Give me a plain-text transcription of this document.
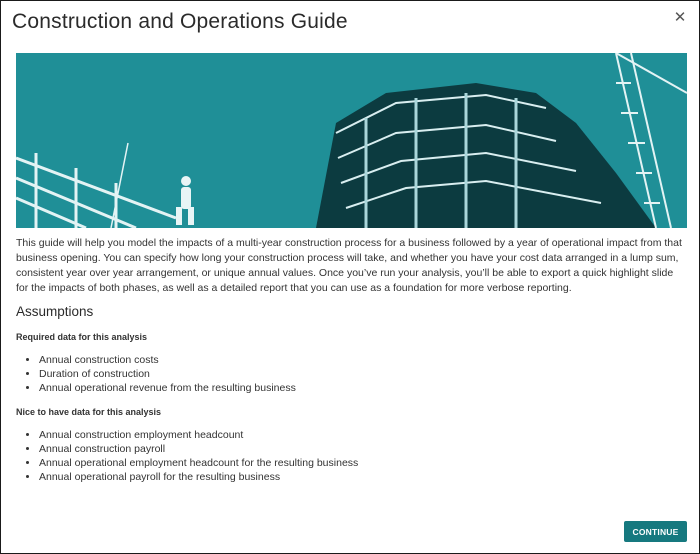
Construction and Operations Guide	✕
This guide will help you model the impacts of a multi-year construction process for a business followed by a year of operational impact from that business opening. You can specify how long your construction process will take, and whether you have your cost data arranged in a lump sum, consistent year over year arrangement, or unique annual values. Once you’ve run your analysis, you’ll be able to export a quick highlight slide for the impacts of both phases, as well as a detailed report that you can use as a foundation for more verbose reporting.
Assumptions
Required data for this analysis
• Annual construction costs
• Duration of construction
• Annual operational revenue from the resulting business
Nice to have data for this analysis
• Annual construction employment headcount
• Annual construction payroll
• Annual operational employment headcount for the resulting business
• Annual operational payroll for the resulting business
CONTINUE
